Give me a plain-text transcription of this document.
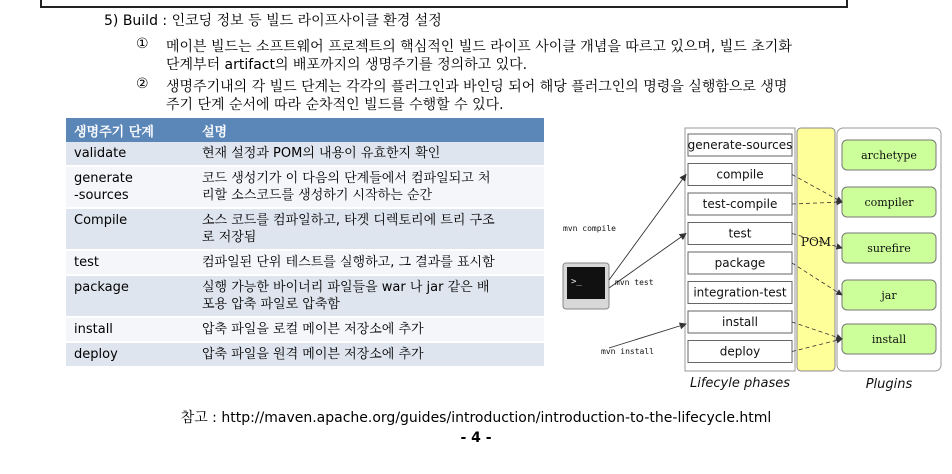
5) Build : 인코딩 정보 등 빌드 라이프사이클 환경 설정
① 메이븐 빌드는 소프트웨어 프로젝트의 핵심적인 빌드 라이프 사이클 개념을 따르고 있으며, 빌드 초기화
단계부터 artifact의 배포까지의 생명주기를 정의하고 있다.
② 생명주기내의 각 빌드 단계는 각각의 플러그인과 바인딩 되어 해당 플러그인의 명령을 실행함으로 생명
주기 단계 순서에 따라 순차적인 빌드를 수행할 수 있다.
생명주기 단계	설명
validate	현재 설정과 POM의 내용이 유효한지 확인
generate
-sources	코드 생성기가 이 다음의 단계들에서 컴파일되고 처
리할 소스코드를 생성하기 시작하는 순간
Compile	소스 코드를 컴파일하고, 타겟 디렉토리에 트리 구조
로 저장됨
test	컴파일된 단위 테스트를 실행하고, 그 결과를 표시함
package	실행 가능한 바이너리 파일들을 war 나 jar 같은 배
포용 압축 파일로 압축함
install	압축 파일을 로컬 메이븐 저장소에 추가
deploy	압축 파일을 원격 메이븐 저장소에 추가
generate-sources
compile
test-compile
test
package
integration-test
install
deploy
POM
archetype
compiler
surefire
jar
install
>_
mvn compile
mvn test
mvn install
Lifecyle phases	Plugins
참고 : http://maven.apache.org/guides/introduction/introduction-to-the-lifecycle.html
- 4 -
